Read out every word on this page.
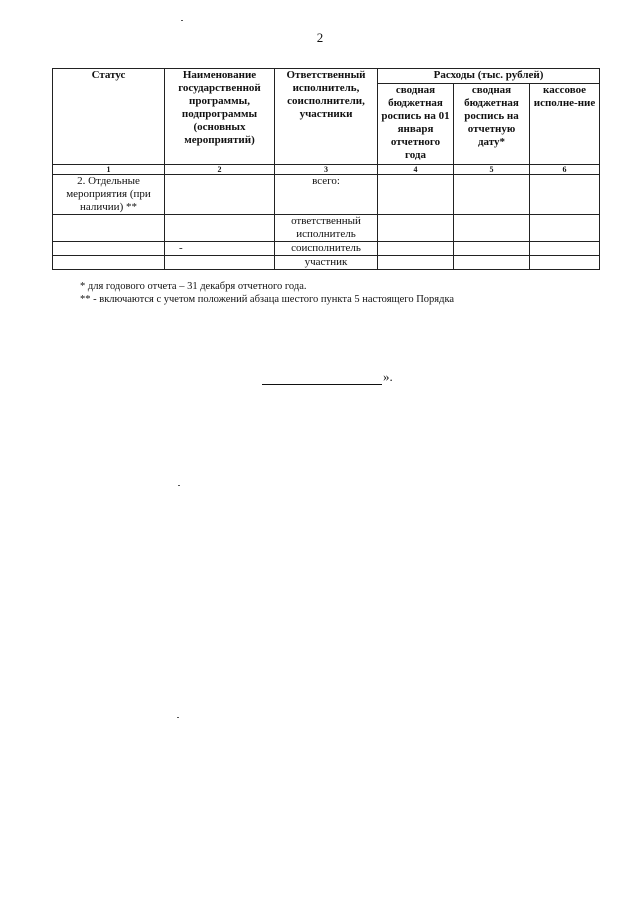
2
Статус	Наименование государственной программы, подпрограммы (основных мероприятий)	Ответственный исполнитель, соисполнители, участники	Расходы (тыс. рублей)		
			сводная бюджетная роспись на 01 января отчетного года	сводная бюджетная роспись на отчетную дату*	кассовое исполне-ние
1	2	3	4	5	6
2. Отдельные мероприятия (при наличии) **		всего:			
		ответственный исполнитель			
	-	соисполнитель			
		участник			
* для годового отчета – 31 декабря отчетного года.
** - включаются с учетом положений абзаца шестого пункта 5 настоящего Порядка
».
